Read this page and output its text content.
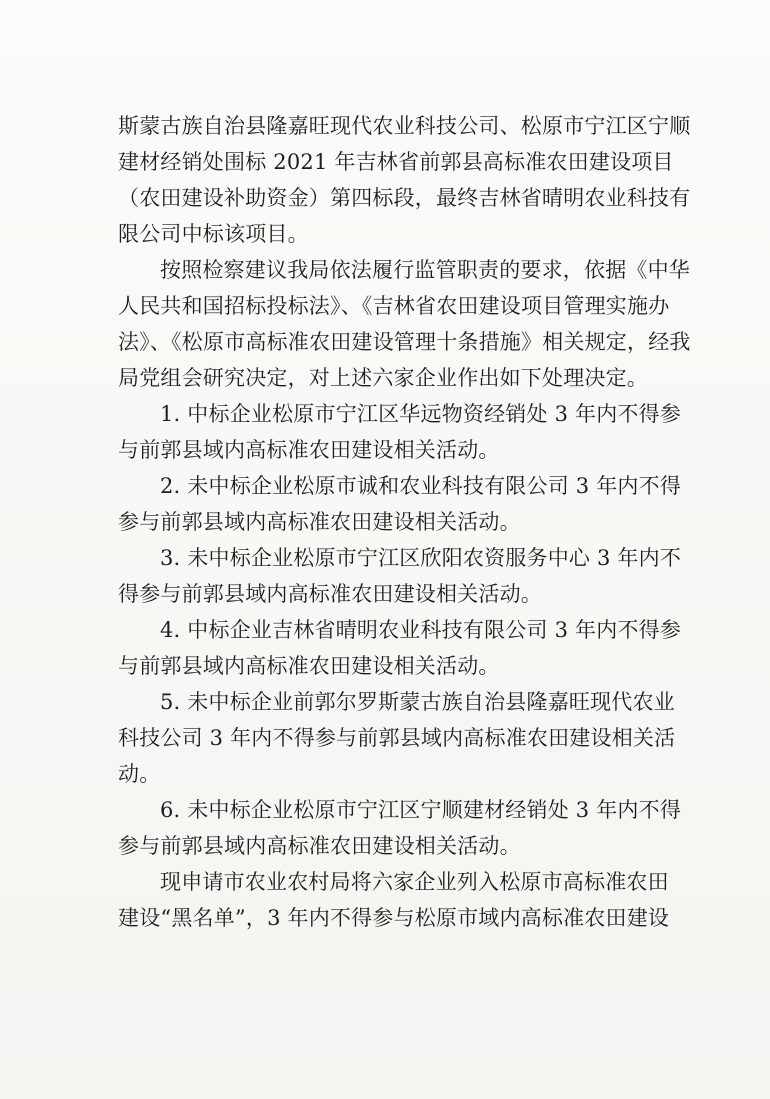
斯蒙古族自治县隆嘉旺现代农业科技公司、松原市宁江区宁顺
建材经销处围标 2021 年吉林省前郭县高标准农田建设项目
（农田建设补助资金）第四标段，最终吉林省晴明农业科技有
限公司中标该项目。

按照检察建议我局依法履行监管职责的要求，依据《中华
人民共和国招标投标法》、《吉林省农田建设项目管理实施办
法》、《松原市高标准农田建设管理十条措施》相关规定，经我
局党组会研究决定，对上述六家企业作出如下处理决定。

1. 中标企业松原市宁江区华远物资经销处 3 年内不得参
与前郭县域内高标准农田建设相关活动。

2. 未中标企业松原市诚和农业科技有限公司 3 年内不得
参与前郭县域内高标准农田建设相关活动。

3. 未中标企业松原市宁江区欣阳农资服务中心 3 年内不
得参与前郭县域内高标准农田建设相关活动。

4. 中标企业吉林省晴明农业科技有限公司 3 年内不得参
与前郭县域内高标准农田建设相关活动。

5. 未中标企业前郭尔罗斯蒙古族自治县隆嘉旺现代农业
科技公司 3 年内不得参与前郭县域内高标准农田建设相关活
动。

6. 未中标企业松原市宁江区宁顺建材经销处 3 年内不得
参与前郭县域内高标准农田建设相关活动。

现申请市农业农村局将六家企业列入松原市高标准农田
建设“黑名单”，3 年内不得参与松原市域内高标准农田建设
